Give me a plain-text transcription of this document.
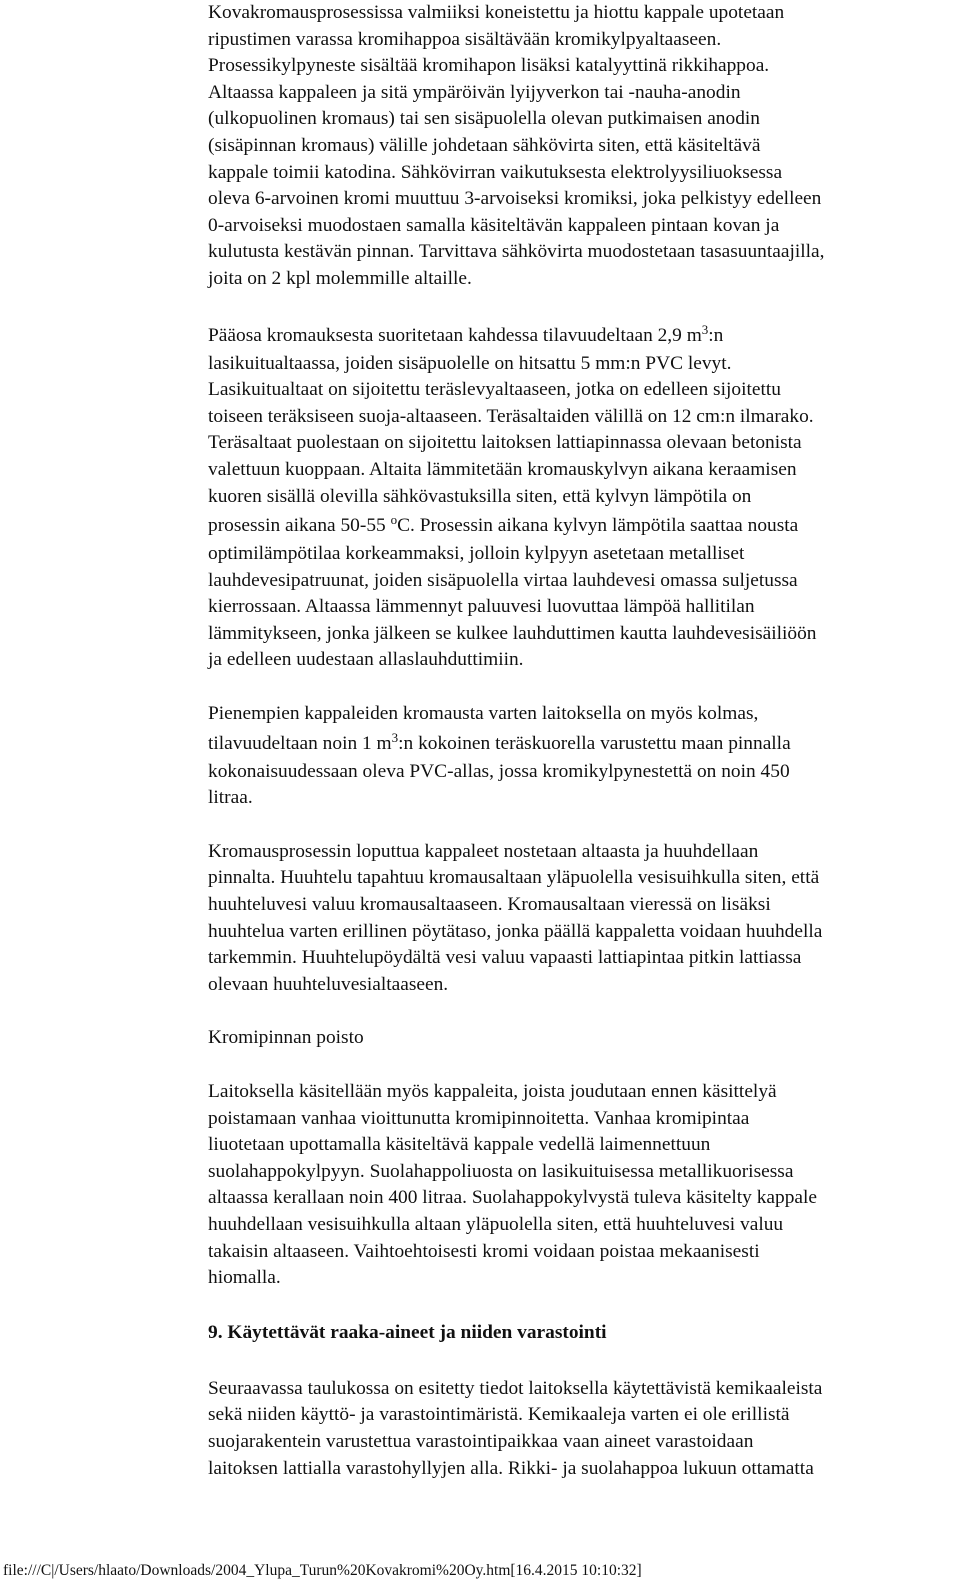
Kovakromausprosessissa valmiiksi koneistettu ja hiottu kappale upotetaan
ripustimen varassa kromihappoa sisältävään kromikylpyaltaaseen.
Prosessikylpyneste sisältää kromihapon lisäksi katalyyttinä rikkihappoa.
Altaassa kappaleen ja sitä ympäröivän lyijyverkon tai -nauha-anodin
(ulkopuolinen kromaus) tai sen sisäpuolella olevan putkimaisen anodin
(sisäpinnan kromaus) välille johdetaan sähkövirta siten, että käsiteltävä
kappale toimii katodina. Sähkövirran vaikutuksesta elektrolyysiliuoksessa
oleva 6-arvoinen kromi muuttuu 3-arvoiseksi kromiksi, joka pelkistyy edelleen
0-arvoiseksi muodostaen samalla käsiteltävän kappaleen pintaan kovan ja
kulutusta kestävän pinnan. Tarvittava sähkövirta muodostetaan tasasuuntaajilla,
joita on 2 kpl molemmille altaille.
Pääosa kromauksesta suoritetaan kahdessa tilavuudeltaan 2,9 $m^3:n$
lasikuitualtaassa, joiden sisäpuolelle on hitsattu 5 mm:n PVC levyt.
Lasikuitualtaat on sijoitettu teräslevyaltaaseen, jotka on edelleen sijoitettu
toiseen teräksiseen suoja-altaaseen. Teräsaltaiden välillä on 12 cm:n ilmarako.
Teräsaltaat puolestaan on sijoitettu laitoksen lattiapinnassa olevaan betonista
valettuun kuoppaan. Altaita lämmitetään kromauskylvyn aikana keraamisen
kuoren sisällä olevilla sähkövastuksilla siten, että kylvyn lämpötila on
prosessin aikana 50-55 $^o$C. Prosessin aikana kylvyn lämpötila saattaa nousta
optimilämpötilaa korkeammaksi, jolloin kylpyyn asetetaan metalliset
lauhdevesipatruunat, joiden sisäpuolella virtaa lauhdevesi omassa suljetussa
kierrossaan. Altaassa lämmennyt paluuvesi luovuttaa lämpöä hallitilan
lämmitykseen, jonka jälkeen se kulkee lauhduttimen kautta lauhdevesisäiliöön
ja edelleen uudestaan allaslauhduttimiin.
Pienempien kappaleiden kromausta varten laitoksella on myös kolmas,
tilavuudeltaan noin 1 $m^3:n$ kokoinen teräskuorella varustettu maan pinnalla
kokonaisuudessaan oleva PVC-allas, jossa kromikylpynestettä on noin 450
litraa.
Kromausprosessin loputtua kappaleet nostetaan altaasta ja huuhdellaan
pinnalta. Huuhtelu tapahtuu kromausaltaan yläpuolella vesisuihkulla siten, että
huuhteluvesi valuu kromausaltaaseen. Kromausaltaan vieressä on lisäksi
huuhtelua varten erillinen pöytätaso, jonka päällä kappaletta voidaan huuhdella
tarkemmin. Huuhtelupöydältä vesi valuu vapaasti lattiapintaa pitkin lattiassa
olevaan huuhteluvesialtaaseen.
Kromipinnan poisto
Laitoksella käsitellään myös kappaleita, joista joudutaan ennen käsittelyä
poistamaan vanhaa vioittunutta kromipinnoitetta. Vanhaa kromipintaa
liuotetaan upottamalla käsiteltävä kappale vedellä laimennettuun
suolahappokylpyyn. Suolahappoliuosta on lasikuituisessa metallikuorisessa
altaassa kerallaan noin 400 litraa. Suolahappokylvystä tuleva käsitelty kappale
huuhdellaan vesisuihkulla altaan yläpuolella siten, että huuhteluvesi valuu
takaisin altaaseen. Vaihtoehtoisesti kromi voidaan poistaa mekaanisesti
hiomalla.
9. Käytettävät raaka-aineet ja niiden varastointi
Seuraavassa taulukossa on esitetty tiedot laitoksella käytettävistä kemikaaleista
sekä niiden käyttö- ja varastointimäristä. Kemikaaleja varten ei ole erillistä
suojarakentein varustettua varastointipaikkaa vaan aineet varastoidaan
laitoksen lattialla varastohyllyjen alla. Rikki- ja suolahappoa lukuun ottamatta
file:///C|/Users/hlaato/Downloads/2004_Ylupa_Turun%20Kovakromi%20Oy.htm[16.4.2015 10:10:32]
